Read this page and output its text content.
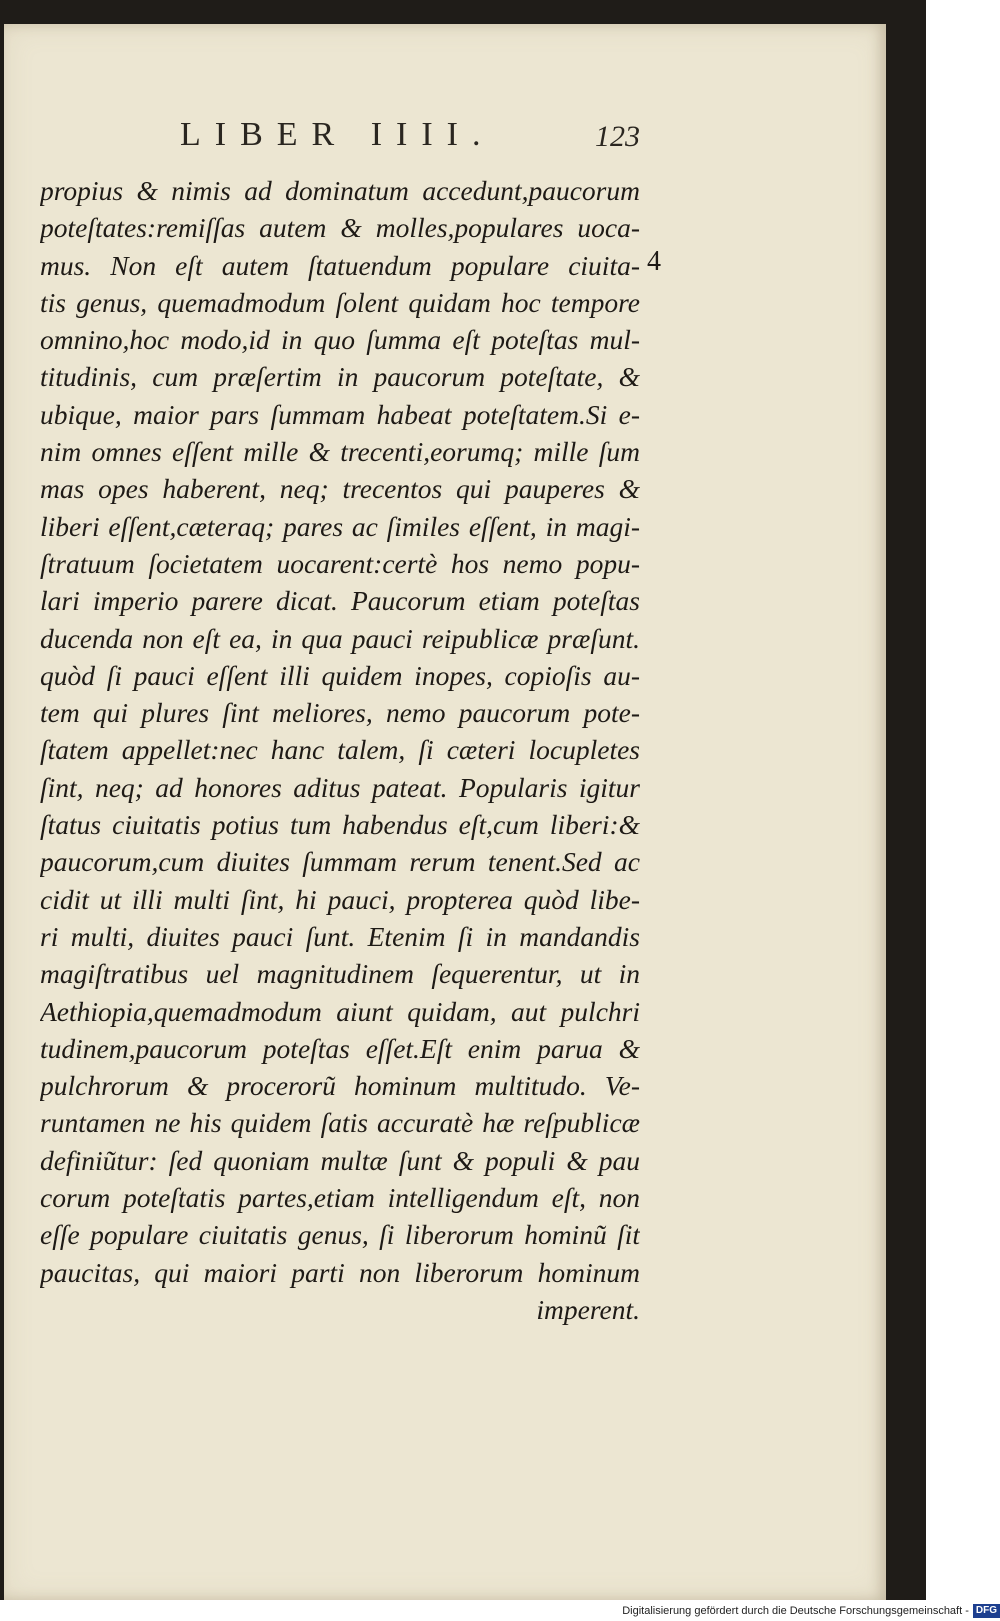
LIBER IIII.	123
4
propius & nimis ad dominatum accedunt,paucorum
poteſtates:remiſſas autem & molles,populares uoca-
mus. Non eſt autem ſtatuendum populare ciuita-
tis genus, quemadmodum ſolent quidam hoc tempore
omnino,hoc modo,id in quo ſumma eſt poteſtas mul-
titudinis, cum præſertim in paucorum poteſtate, &
ubique, maior pars ſummam habeat poteſtatem.Si e-
nim omnes eſſent mille & trecenti,eorumq; mille ſum
mas opes haberent, neq; trecentos qui pauperes &
liberi eſſent,cæteraq; pares ac ſimiles eſſent, in magi-
ſtratuum ſocietatem uocarent:certè hos nemo popu-
lari imperio parere dicat. Paucorum etiam poteſtas
ducenda non eſt ea, in qua pauci reipublicæ præſunt.
quòd ſi pauci eſſent illi quidem inopes, copioſis au-
tem qui plures ſint meliores, nemo paucorum pote-
ſtatem appellet:nec hanc talem, ſi cæteri locupletes
ſint, neq; ad honores aditus pateat. Popularis igitur
ſtatus ciuitatis potius tum habendus eſt,cum liberi:&
paucorum,cum diuites ſummam rerum tenent.Sed ac
cidit ut illi multi ſint, hi pauci, propterea quòd libe-
ri multi, diuites pauci ſunt. Etenim ſi in mandandis
magiſtratibus uel magnitudinem ſequerentur, ut in
Aethiopia,quemadmodum aiunt quidam, aut pulchri
tudinem,paucorum poteſtas eſſet.Eſt enim parua &
pulchrorum & procerorũ hominum multitudo. Ve-
runtamen ne his quidem ſatis accuratè hæ reſpublicæ
definiũtur: ſed quoniam multæ ſunt & populi & pau
corum poteſtatis partes,etiam intelligendum eſt, non
eſſe populare ciuitatis genus, ſi liberorum hominũ ſit
paucitas, qui maiori parti non liberorum hominum
imperent.
Digitalisierung gefördert durch die Deutsche Forschungsgemeinschaft - DFG
